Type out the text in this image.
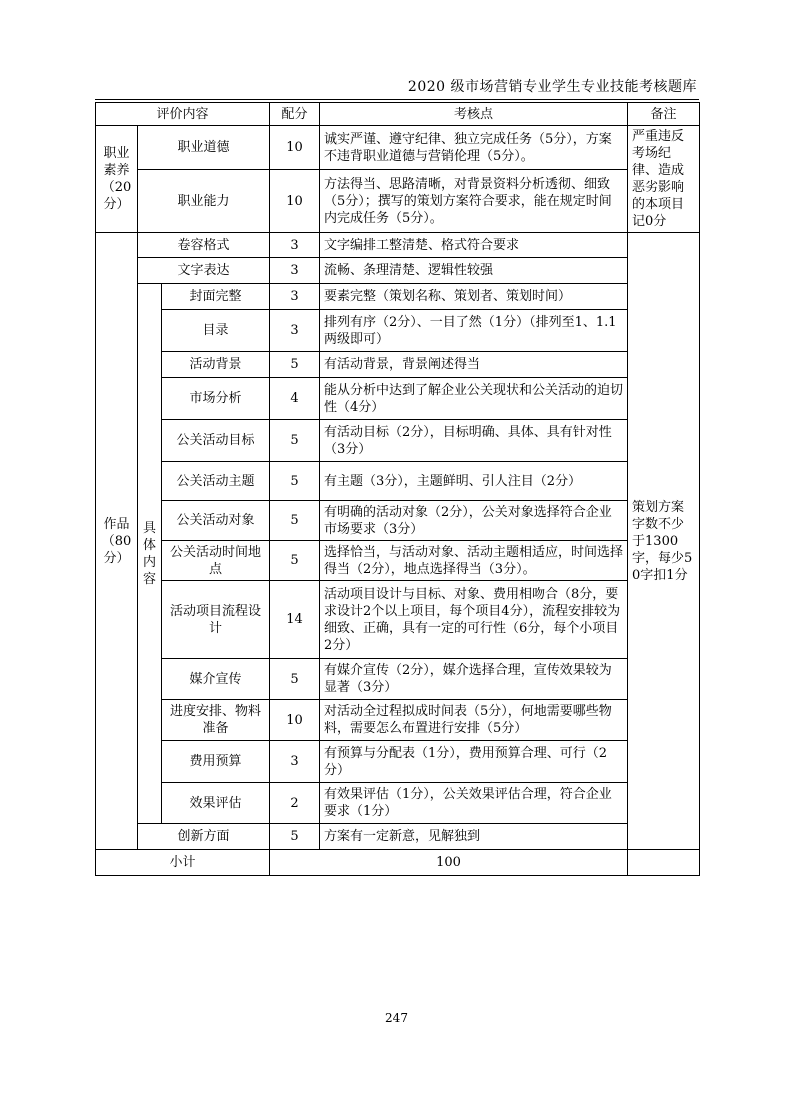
2020 级市场营销专业学生专业技能考核题库
评价内容			配分	考核点	备注
职业素养（20分）	职业道德		10	诚实严谨、遵守纪律、独立完成任务（5分），方案不违背职业道德与营销伦理（5分）。	严重违反考场纪律、造成恶劣影响的本项目记0分
	职业能力		10	方法得当、思路清晰，对背景资料分析透彻、细致（5分）；撰写的策划方案符合要求，能在规定时间内完成任务（5分）。	
作品（80分）	卷容格式		3	文字编排工整清楚、格式符合要求	策划方案字数不少于1300字，每少50字扣1分
	文字表达		3	流畅、条理清楚、逻辑性较强	
	具体内容	封面完整	3	要素完整（策划名称、策划者、策划时间）	
		目录	3	排列有序（2分）、一目了然（1分）（排列至1、1.1两级即可）	
		活动背景	5	有活动背景，背景阐述得当	
		市场分析	4	能从分析中达到了解企业公关现状和公关活动的迫切性（4分）	
		公关活动目标	5	有活动目标（2分），目标明确、具体、具有针对性（3分）	
		公关活动主题	5	有主题（3分），主题鲜明、引人注目（2分）	
		公关活动对象	5	有明确的活动对象（2分），公关对象选择符合企业市场要求（3分）	
		公关活动时间地点	5	选择恰当，与活动对象、活动主题相适应，时间选择得当（2分），地点选择得当（3分）。	
		活动项目流程设计	14	活动项目设计与目标、对象、费用相吻合（8分，要求设计2个以上项目，每个项目4分），流程安排较为细致、正确，具有一定的可行性（6分，每个小项目2分）	
		媒介宣传	5	有媒介宣传（2分），媒介选择合理，宣传效果较为显著（3分）	
		进度安排、物料准备	10	对活动全过程拟成时间表（5分），何地需要哪些物料，需要怎么布置进行安排（5分）	
		费用预算	3	有预算与分配表（1分），费用预算合理、可行（2分）	
		效果评估	2	有效果评估（1分），公关效果评估合理，符合企业要求（1分）	
	创新方面		5	方案有一定新意，见解独到	
小计			100		
247
